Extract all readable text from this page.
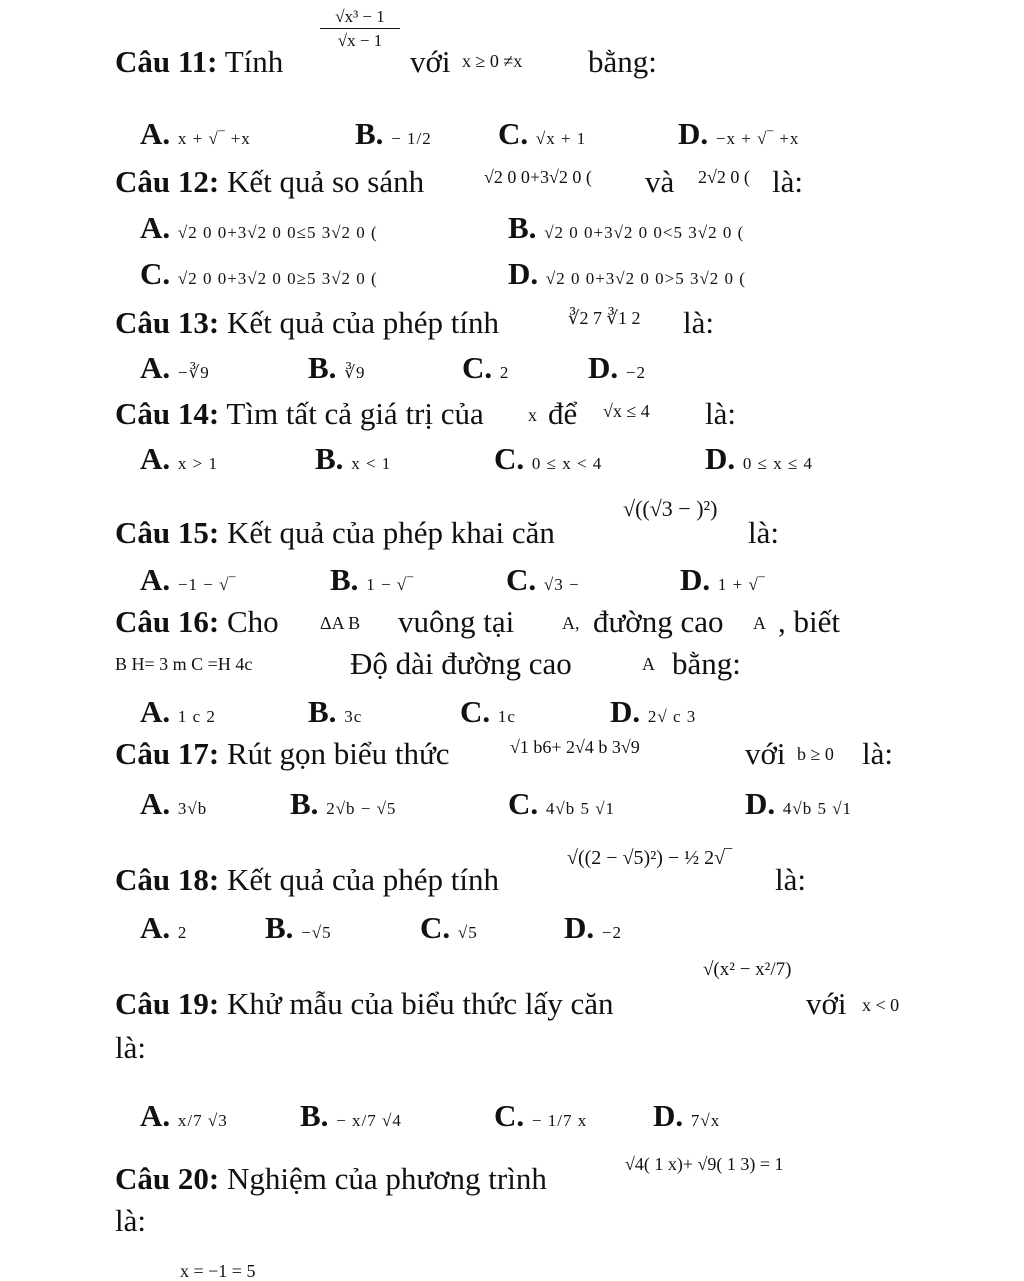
Câu 11: Tính
√x³ − 1
√x − 1
với x ≥ 0 ≠x bằng:
A. x + √‾ +x	B. − 1/2 C. √x + 1	D. −x + √‾ +x
Câu 12: Kết quả so sánh	√2 0 0+3√2 0 ( và 2√2 0 ( là:
A. √2 0 0+3√2 0 0≤5 3√2 0 (	B. √2 0 0+3√2 0 0<5 3√2 0 (
C. √2 0 0+3√2 0 0≥5 3√2 0 (	D. √2 0 0+3√2 0 0>5 3√2 0 (
Câu 13: Kết quả của phép tính	∛2 7 ∛1 2 là:
A. −∛9	B. ∛9	C. 2	D. −2
Câu 14: Tìm tất cả giá trị của x để √x ≤ 4 là:
A. x > 1	B. x < 1	C. 0 ≤ x < 4	D. 0 ≤ x ≤ 4
Câu 15: Kết quả của phép khai căn
√((√3 − )²)
là:
A. −1 − √‾	B. 1 − √‾	C. √3 −	D. 1 + √‾
Câu 16: Cho ΔA B vuông tại	A, đường cao A , biết
B H= 3 m C =H 4c	Độ dài đường cao	A bằng:
A. 1 c 2	B. 3c	C. 1c	D. 2√ c 3
Câu 17: Rút gọn biểu thức	√1 b6+ 2√4 b 3√9	với b ≥ 0 là:
A. 3√b	B. 2√b − √5	C. 4√b 5 √1	D. 4√b 5 √1
Câu 18: Kết quả của phép tính
√((2 − √5)²) − ½ 2√‾
là:
A. 2	B. −√5	C. √5	D. −2
Câu 19: Khử mẫu của biểu thức lấy căn
√(x² − x²/7)
với x < 0
là:
A. x/7 √3 B. − x/7 √4	C. − 1/7 x D. 7√x
Câu 20: Nghiệm của phương trình	√4( 1 x)+ √9( 1 3) = 1
là:
x = −1 = 5
